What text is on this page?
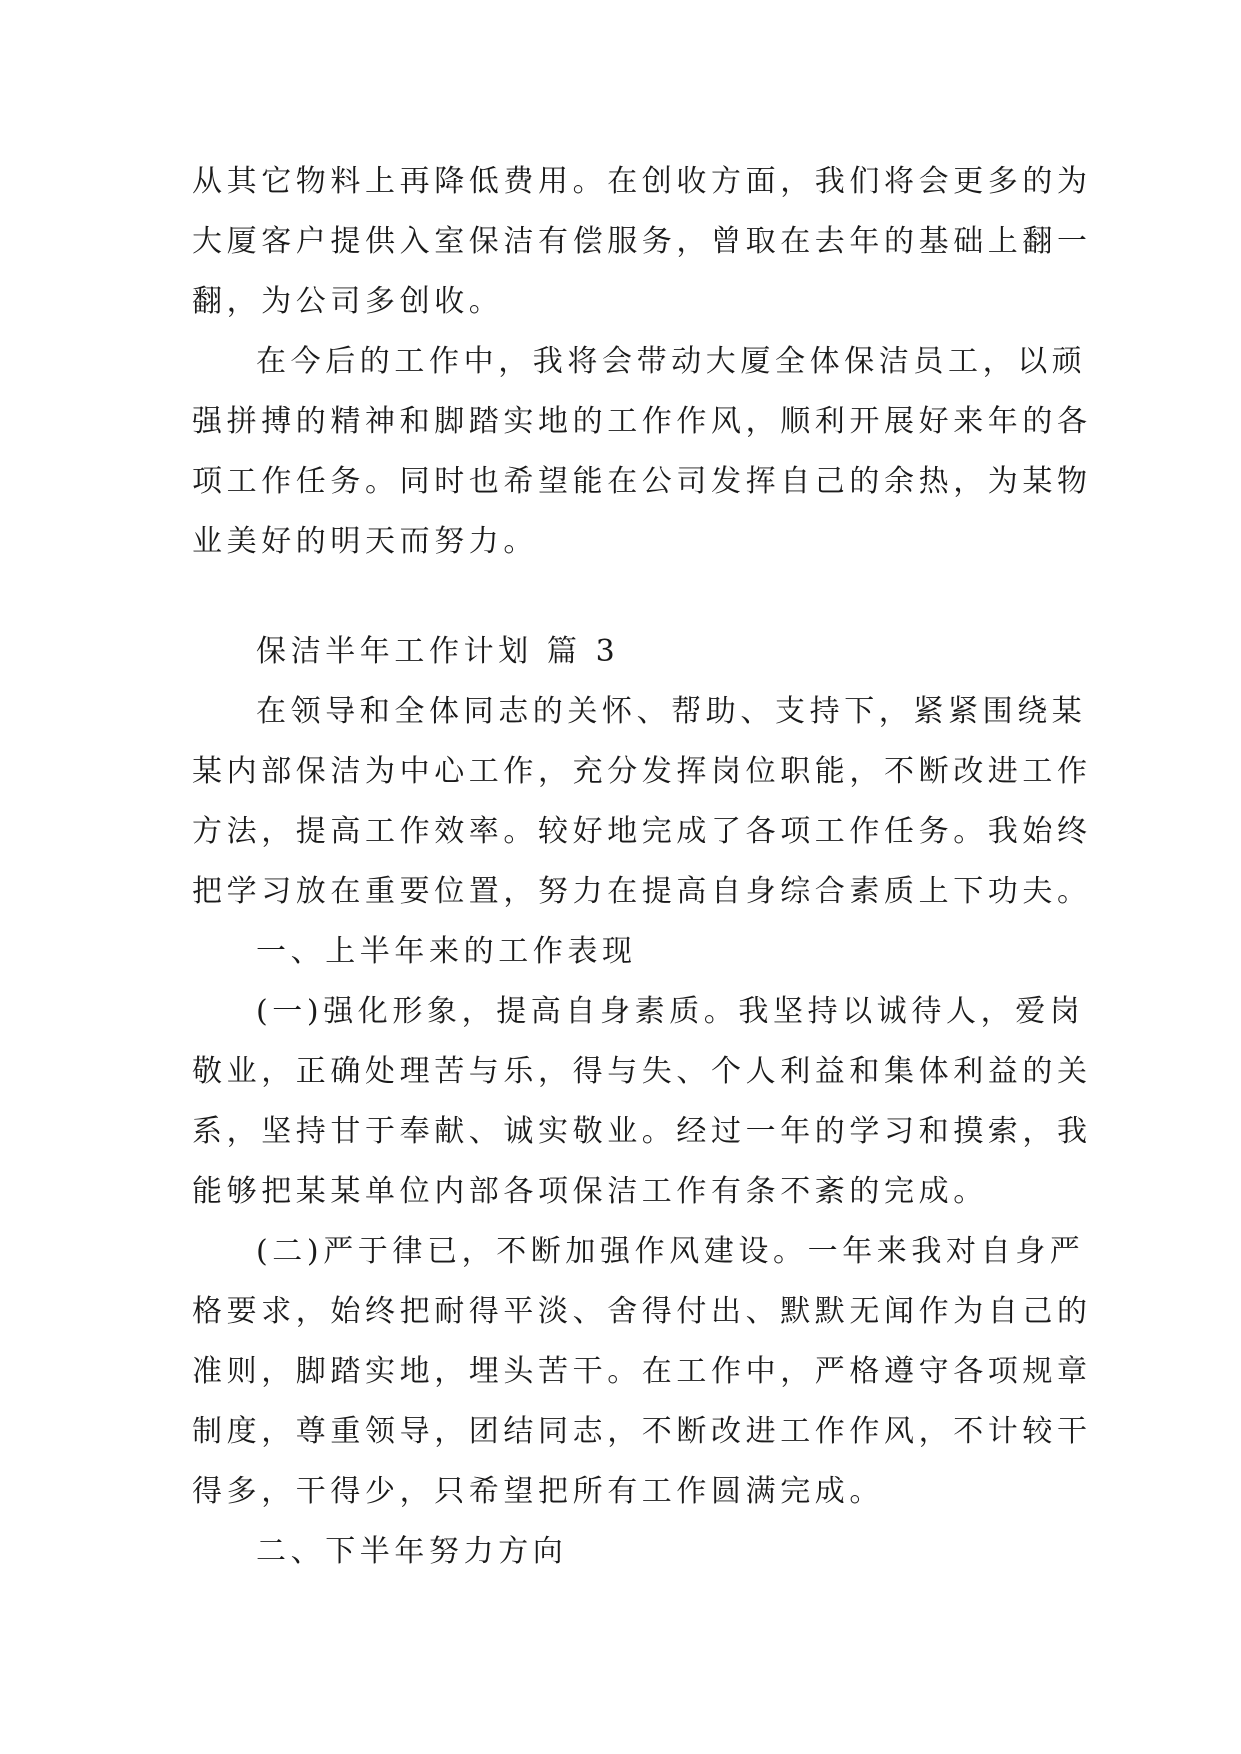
从其它物料上再降低费用。在创收方面，我们将会更多的为

大厦客户提供入室保洁有偿服务，曾取在去年的基础上翻一

翻，为公司多创收。

在今后的工作中，我将会带动大厦全体保洁员工，以顽

强拼搏的精神和脚踏实地的工作作风，顺利开展好来年的各

项工作任务。同时也希望能在公司发挥自己的余热，为某物

业美好的明天而努力。

保洁半年工作计划 篇 3

在领导和全体同志的关怀、帮助、支持下，紧紧围绕某

某内部保洁为中心工作，充分发挥岗位职能，不断改进工作

方法，提高工作效率。较好地完成了各项工作任务。我始终

把学习放在重要位置，努力在提高自身综合素质上下功夫。

一、上半年来的工作表现

(一)强化形象，提高自身素质。我坚持以诚待人，爱岗

敬业，正确处理苦与乐，得与失、个人利益和集体利益的关

系，坚持甘于奉献、诚实敬业。经过一年的学习和摸索，我

能够把某某单位内部各项保洁工作有条不紊的完成。

(二)严于律已，不断加强作风建设。一年来我对自身严

格要求，始终把耐得平淡、舍得付出、默默无闻作为自己的

准则，脚踏实地，埋头苦干。在工作中，严格遵守各项规章

制度，尊重领导，团结同志，不断改进工作作风，不计较干

得多，干得少，只希望把所有工作圆满完成。

二、下半年努力方向
